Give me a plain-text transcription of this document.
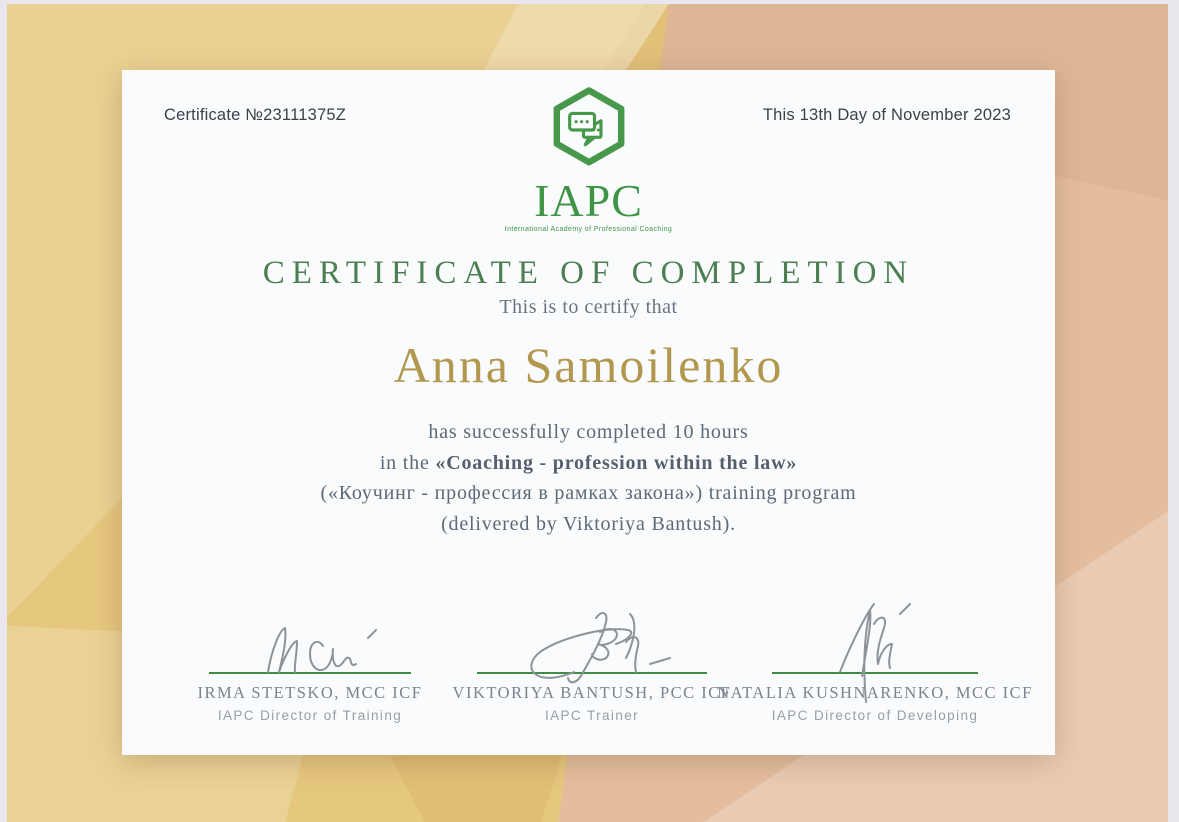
Certificate №23111375Z	This 13th Day of November 2023
IAPC
International Academy of Professional Coaching
CERTIFICATE OF COMPLETION
This is to certify that
Anna Samoilenko
has successfully completed 10 hours
in the «Coaching - profession within the law»
(«Коучинг - профессия в рамках закона») training program
(delivered by Viktoriya Bantush).
IRMA STETSKO, MCC ICF
IAPC Director of Training
VIKTORIYA BANTUSH, PCC ICF
IAPC Trainer
NATALIA KUSHNARENKO, MCC ICF
IAPC Director of Developing
